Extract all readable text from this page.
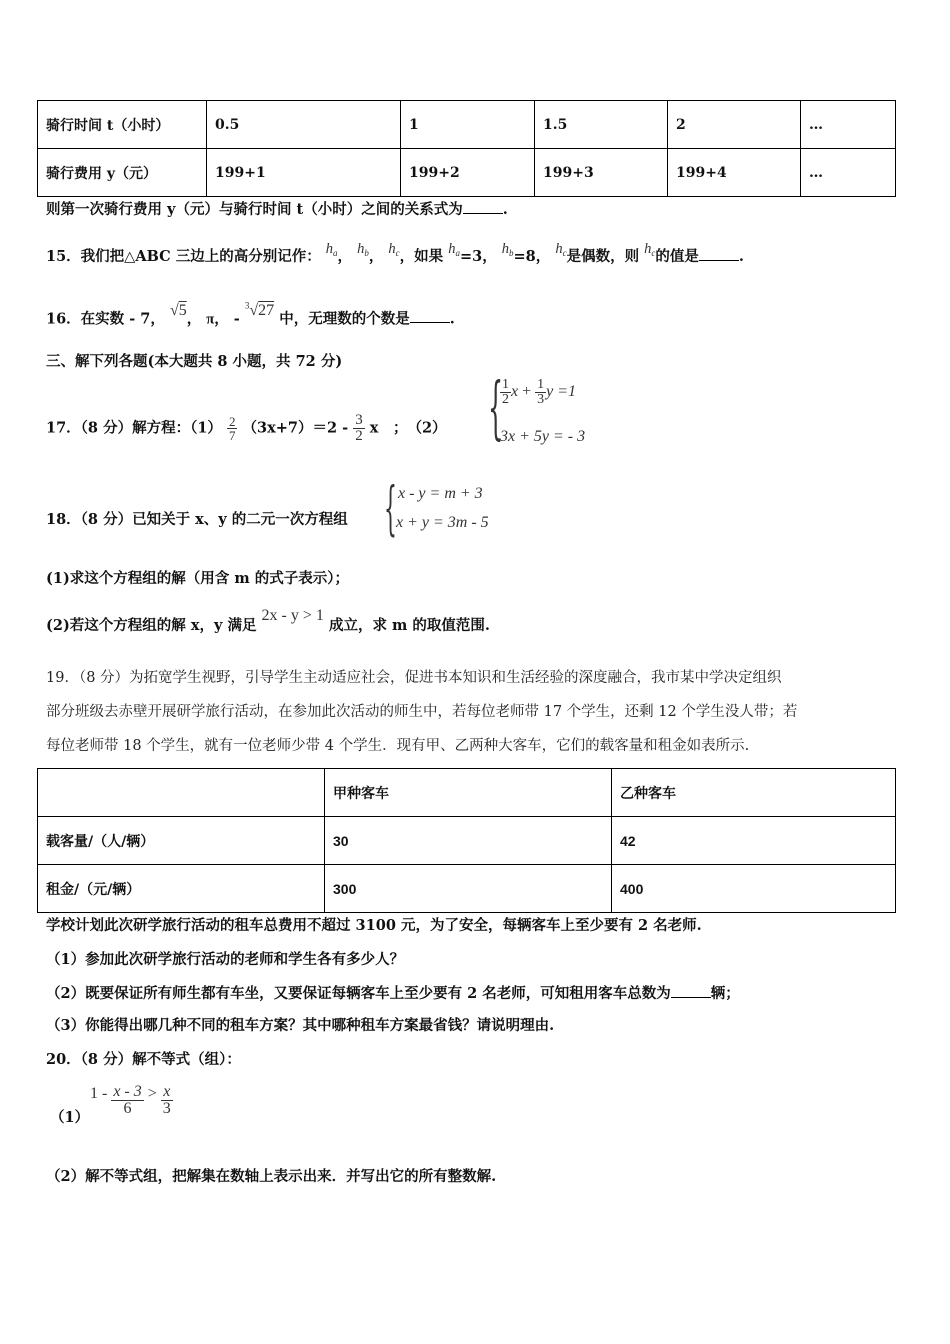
骑行时间 t（小时）	0.5	1	1.5	2	…
骑行费用 y（元）	199+1	199+2	199+3	199+4	…
则第一次骑行费用 y（元）与骑行时间 t（小时）之间的关系式为	.
15．我们把△ABC 三边上的高分别记作： $h_a$， $h_b$， $h_c$，如果 $h_a=3$， $h_b=8$， $h_c$是偶数，则 $h_c$的值是	.
16．在实数 - 7， √5， π， - $^3$√27 中，无理数的个数是	.
三、解下列各题(本大题共 8 小题，共 72 分)
17．（8 分）解方程：$(1) \frac{2}{7} (3x+7)=2 - \frac{3}{2}$ x　；　（2） {
$\frac{1}{2}$ $x + \frac{1}{3}$ y =1
3x + 5y = - 3
18．（8 分）已知关于 x、y 的二元一次方程组 { x - y = m + 3
x + y = 3m - 5
(1)求这个方程组的解（用含 m 的式子表示）；
(2)若这个方程组的解 x，y 满足 2x - y > 1 成立，求 m 的取值范围.
19．（8 分）为拓宽学生视野，引导学生主动适应社会，促进书本知识和生活经验的深度融合，我市某中学决定组织
部分班级去赤壁开展研学旅行活动，在参加此次活动的师生中，若每位老师带 17 个学生，还剩 12 个学生没人带；若
每位老师带 18 个学生，就有一位老师少带 4 个学生．现有甲、乙两种大客车，它们的载客量和租金如表所示.
	甲种客车	乙种客车
载客量/（人/辆）	30	42
租金/（元/辆）	300	400
学校计划此次研学旅行活动的租车总费用不超过 3100 元，为了安全，每辆客车上至少要有 2 名老师.
（1）参加此次研学旅行活动的老师和学生各有多少人？
（2）既要保证所有师生都有车坐，又要保证每辆客车上至少要有 2 名老师，可知租用客车总数为	辆；
（3）你能得出哪几种不同的租车方案？其中哪种租车方案最省钱？请说明理由.
20．（8 分）解不等式（组）：
（1）
$1 - \frac{x - 3}{6} > \frac{x}{3}$
（2）解不等式组，把解集在数轴上表示出来．并写出它的所有整数解.
